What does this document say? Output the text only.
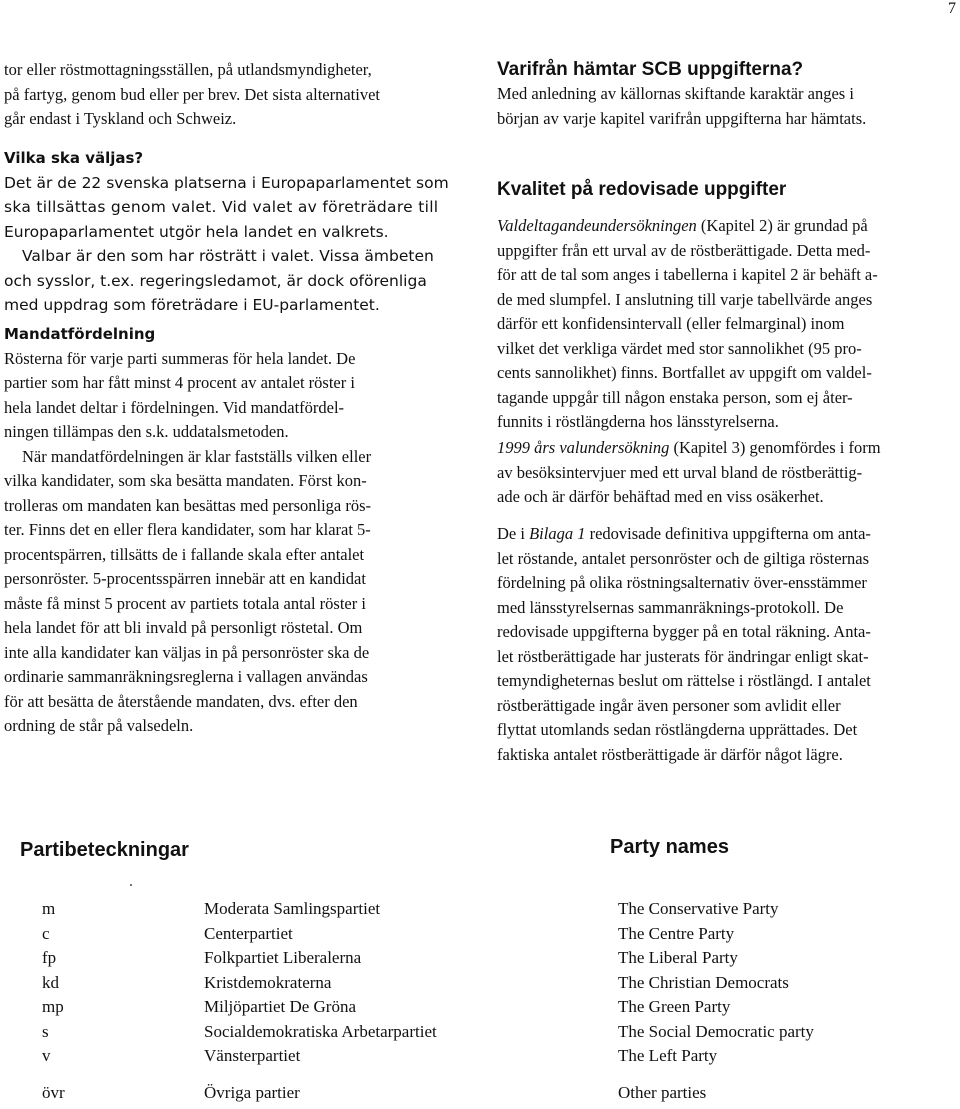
7

tor eller röstmottagningsställen, på utlandsmyndigheter,

på fartyg, genom bud eller per brev. Det sista alternativet

går endast i Tyskland och Schweiz.

Vilka ska väljas?

Det är de 22 svenska platserna i Europaparlamentet som

ska tillsättas genom valet. Vid valet av företrädare till

Europaparlamentet utgör hela landet en valkrets.

Valbar är den som har rösträtt i valet. Vissa ämbeten

och sysslor, t.ex. regeringsledamot, är dock oförenliga

med uppdrag som företrädare i EU-parlamentet.

Mandatfördelning

Rösterna för varje parti summeras för hela landet. De

partier som har fått minst 4 procent av antalet röster i

hela landet deltar i fördelningen. Vid mandatfördel-

ningen tillämpas den s.k. uddatalsmetoden.

När mandatfördelningen är klar fastställs vilken eller

vilka kandidater, som ska besätta mandaten. Först kon-

trolleras om mandaten kan besättas med personliga rös-

ter. Finns det en eller flera kandidater, som har klarat 5-

procentspärren, tillsätts de i fallande skala efter antalet

personröster. 5-procentsspärren innebär att en kandidat

måste få minst 5 procent av partiets totala antal röster i

hela landet för att bli invald på personligt röstetal. Om

inte alla kandidater kan väljas in på personröster ska de

ordinarie sammanräkningsreglerna i vallagen användas

för att besätta de återstående mandaten, dvs. efter den

ordning de står på valsedeln.

Varifrån hämtar SCB uppgifterna?

Med anledning av källornas skiftande karaktär anges i

början av varje kapitel varifrån uppgifterna har hämtats.

Kvalitet på redovisade uppgifter

Valdeltagandeundersökningen (Kapitel 2) är grundad på

uppgifter från ett urval av de röstberättigade. Detta med-

för att de tal som anges i tabellerna i kapitel 2 är behäft a-

de med slumpfel. I anslutning till varje tabellvärde anges

därför ett konfidensintervall (eller felmarginal) inom

vilket det verkliga värdet med stor sannolikhet (95 pro-

cents sannolikhet) finns. Bortfallet av uppgift om valdel-

tagande uppgår till någon enstaka person, som ej åter-

funnits i röstlängderna hos länsstyrelserna.

1999 års valundersökning (Kapitel 3) genomfördes i form

av besöksintervjuer med ett urval bland de röstberättig-

ade och är därför behäftad med en viss osäkerhet.

De i Bilaga 1 redovisade definitiva uppgifterna om anta-

let röstande, antalet personröster och de giltiga rösternas

fördelning på olika röstningsalternativ över-ensstämmer

med länsstyrelsernas sammanräknings-protokoll. De

redovisade uppgifterna bygger på en total räkning. Anta-

let röstberättigade har justerats för ändringar enligt skat-

temyndigheternas beslut om rättelse i röstlängd. I antalet

röstberättigade ingår även personer som avlidit eller

flyttat utomlands sedan röstlängderna upprättades. Det

faktiska antalet röstberättigade är därför något lägre.

Partibeteckningar	Party names
m	Moderata Samlingspartiet	The Conservative Party
c	Centerpartiet	The Centre Party
fp	Folkpartiet Liberalerna	The Liberal Party
kd	Kristdemokraterna	The Christian Democrats
mp	Miljöpartiet De Gröna	The Green Party
s	Socialdemokratiska Arbetarpartiet	The Social Democratic party
v	Vänsterpartiet	The Left Party
övr	Övriga partier	Other parties
